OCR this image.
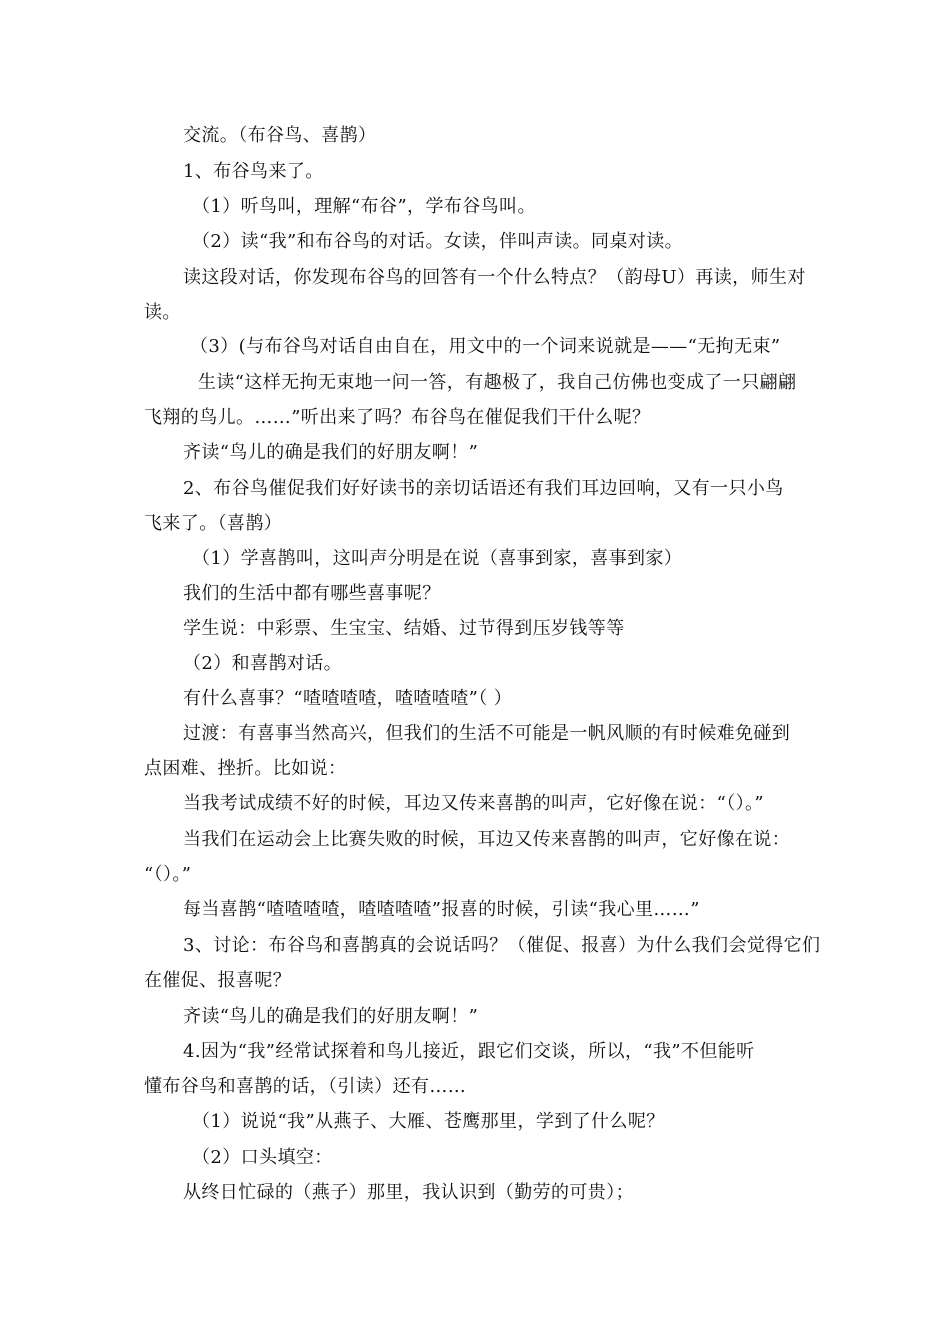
交流。（布谷鸟、喜鹊）
1、布谷鸟来了。
（1）听鸟叫，理解“布谷”，学布谷鸟叫。
（2）读“我”和布谷鸟的对话。女读，伴叫声读。同桌对读。
读这段对话，你发现布谷鸟的回答有一个什么特点？（韵母U）再读，师生对
读。
（3）(与布谷鸟对话自由自在，用文中的一个词来说就是——“无拘无束”
生读“这样无拘无束地一问一答，有趣极了，我自己仿佛也变成了一只翩翩
飞翔的鸟儿。……”听出来了吗？布谷鸟在催促我们干什么呢？
齐读“鸟儿的确是我们的好朋友啊！”
2、布谷鸟催促我们好好读书的亲切话语还有我们耳边回响，又有一只小鸟
飞来了。（喜鹊）
（1）学喜鹊叫，这叫声分明是在说（喜事到家，喜事到家）
我们的生活中都有哪些喜事呢？
学生说：中彩票、生宝宝、结婚、过节得到压岁钱等等
（2）和喜鹊对话。
有什么喜事？“喳喳喳喳，喳喳喳喳”（ ）
过渡：有喜事当然高兴，但我们的生活不可能是一帆风顺的有时候难免碰到
点困难、挫折。比如说：
当我考试成绩不好的时候，耳边又传来喜鹊的叫声，它好像在说：“（）。”
当我们在运动会上比赛失败的时候，耳边又传来喜鹊的叫声，它好像在说：
“（）。”
每当喜鹊“喳喳喳喳，喳喳喳喳”报喜的时候，引读“我心里……”
3、讨论：布谷鸟和喜鹊真的会说话吗？（催促、报喜）为什么我们会觉得它们
在催促、报喜呢？
齐读“鸟儿的确是我们的好朋友啊！”
4.因为“我”经常试探着和鸟儿接近，跟它们交谈，所以，“我”不但能听
懂布谷鸟和喜鹊的话，（引读）还有……
（1）说说“我”从燕子、大雁、苍鹰那里，学到了什么呢？
（2）口头填空：
从终日忙碌的（燕子）那里，我认识到（勤劳的可贵）；
